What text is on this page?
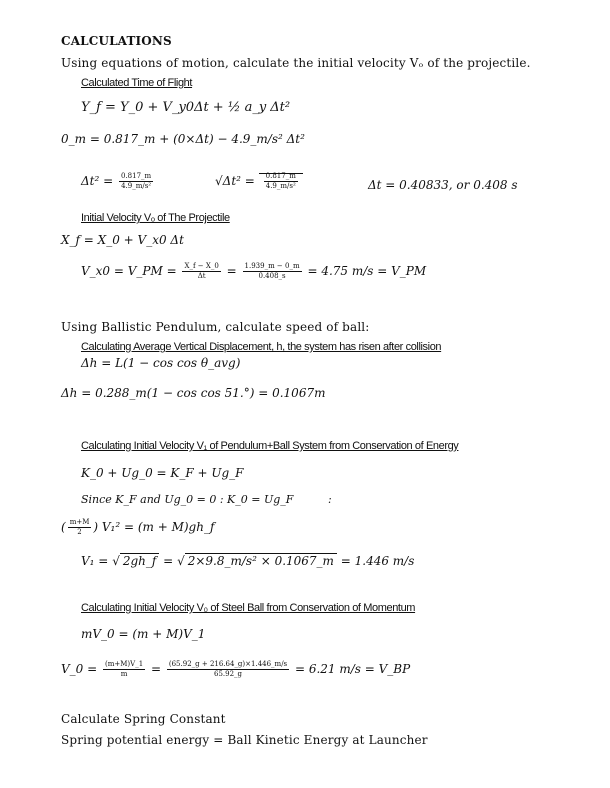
CALCULATIONS
Using equations of motion, calculate the initial velocity Vₒ of the projectile.
Calculated Time of Flight
Y_f = Y_0 + V_y0Δt + ½ a_y Δt²
0_m = 0.817_m + (0×Δt) − 4.9_m/s² Δt²
$\Delta t^2 = \frac{0.817\_m}{\text{4.9\_m/s²}}$	$√\Delta t^2 = \frac{0.817\_m}{\text{4.9\_m/s²}}$	Δt = 0.40833, or 0.408 s
Initial Velocity Vₒ of The Projectile
X_f = X_0 + V_x0 Δt
V_x0 = V_PM = $\frac{X\_f - X\_0}{\Delta t} = \frac{1.939\_m - 0\_m}{0.408\_s} = 4.75$ m/s = V_PM
Using Ballistic Pendulum, calculate speed of ball:
Calculating Average Vertical Displacement, h, the system has risen after collision
Δh = L(1 − cos cos θ_avg)
Δh = 0.288_m(1 − cos cos 51.°) = 0.1067m
Calculating Initial Velocity V₁ of Pendulum+Ball System from Conservation of Energy
K_0 + Ug_0 = K_F + Ug_F
Since K_F and Ug_0 = 0 : K_0 = Ug_F	:
( $\frac{m+M}{2}$ ) V₁² = (m + M)gh_f
V₁ = √ 2gh_f = √ 2×9.8_m/s² × 0.1067_m = 1.446 m/s
Calculating Initial Velocity V₀ of Steel Ball from Conservation of Momentum
mV_0 = (m + M)V_1
V_0 = $\frac{(m+M)V\_1}{m} = \frac{(65.92\_g + 216.64\_g)\times 1.446\_m/s}{65.92\_g} = 6.21$ m/s = V_BP
Calculate Spring Constant
Spring potential energy = Ball Kinetic Energy at Launcher
